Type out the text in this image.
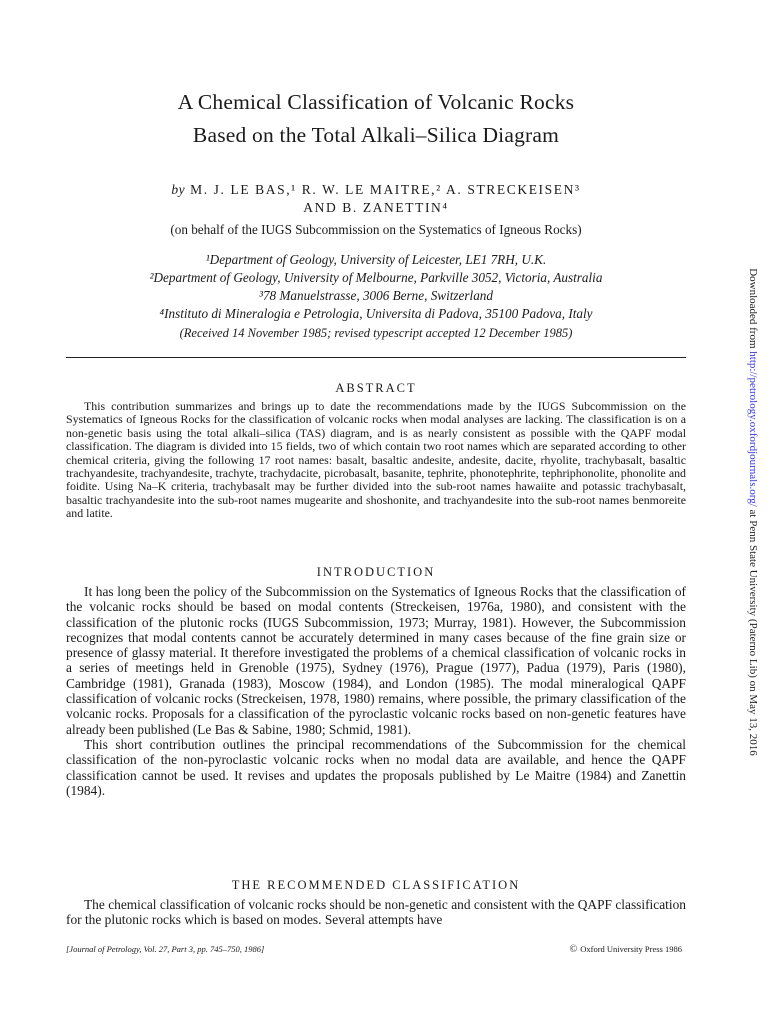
A Chemical Classification of Volcanic Rocks
Based on the Total Alkali–Silica Diagram
by M. J. LE BAS,¹ R. W. LE MAITRE,² A. STRECKEISEN³
AND B. ZANETTIN⁴
(on behalf of the IUGS Subcommission on the Systematics of Igneous Rocks)
¹Department of Geology, University of Leicester, LE1 7RH, U.K.
²Department of Geology, University of Melbourne, Parkville 3052, Victoria, Australia
³78 Manuelstrasse, 3006 Berne, Switzerland
⁴Instituto di Mineralogia e Petrologia, Universita di Padova, 35100 Padova, Italy
(Received 14 November 1985; revised typescript accepted 12 December 1985)
ABSTRACT

This contribution summarizes and brings up to date the recommendations made by the IUGS Subcommission on the Systematics of Igneous Rocks for the classification of volcanic rocks when modal analyses are lacking. The classification is on a non-genetic basis using the total alkali–silica (TAS) diagram, and is as nearly consistent as possible with the QAPF modal classification. The diagram is divided into 15 fields, two of which contain two root names which are separated according to other chemical criteria, giving the following 17 root names: basalt, basaltic andesite, andesite, dacite, rhyolite, trachybasalt, basaltic trachyandesite, trachyandesite, trachyte, trachydacite, picrobasalt, basanite, tephrite, phonotephrite, tephriphonolite, phonolite and foidite. Using Na–K criteria, trachybasalt may be further divided into the sub-root names hawaiite and potassic trachybasalt, basaltic trachyandesite into the sub-root names mugearite and shoshonite, and trachyandesite into the sub-root names benmoreite and latite.

INTRODUCTION

It has long been the policy of the Subcommission on the Systematics of Igneous Rocks that the classification of the volcanic rocks should be based on modal contents (Streckeisen, 1976a, 1980), and consistent with the classification of the plutonic rocks (IUGS Subcommission, 1973; Murray, 1981). However, the Subcommission recognizes that modal contents cannot be accurately determined in many cases because of the fine grain size or presence of glassy material. It therefore investigated the problems of a chemical classification of volcanic rocks in a series of meetings held in Grenoble (1975), Sydney (1976), Prague (1977), Padua (1979), Paris (1980), Cambridge (1981), Granada (1983), Moscow (1984), and London (1985). The modal mineralogical QAPF classification of volcanic rocks (Streckeisen, 1978, 1980) remains, where possible, the primary classification of the volcanic rocks. Proposals for a classification of the pyroclastic volcanic rocks based on non-genetic features have already been published (Le Bas & Sabine, 1980; Schmid, 1981).

This short contribution outlines the principal recommendations of the Subcommission for the chemical classification of the non-pyroclastic volcanic rocks when no modal data are available, and hence the QAPF classification cannot be used. It revises and updates the proposals published by Le Maitre (1984) and Zanettin (1984).

THE RECOMMENDED CLASSIFICATION

The chemical classification of volcanic rocks should be non-genetic and consistent with the QAPF classification for the plutonic rocks which is based on modes. Several attempts have

[Journal of Petrology, Vol. 27, Part 3, pp. 745–750, 1986]	© Oxford University Press 1986
Downloaded from http://petrology.oxfordjournals.org/ at Penn State University (Paterno Lib) on May 13, 2016
